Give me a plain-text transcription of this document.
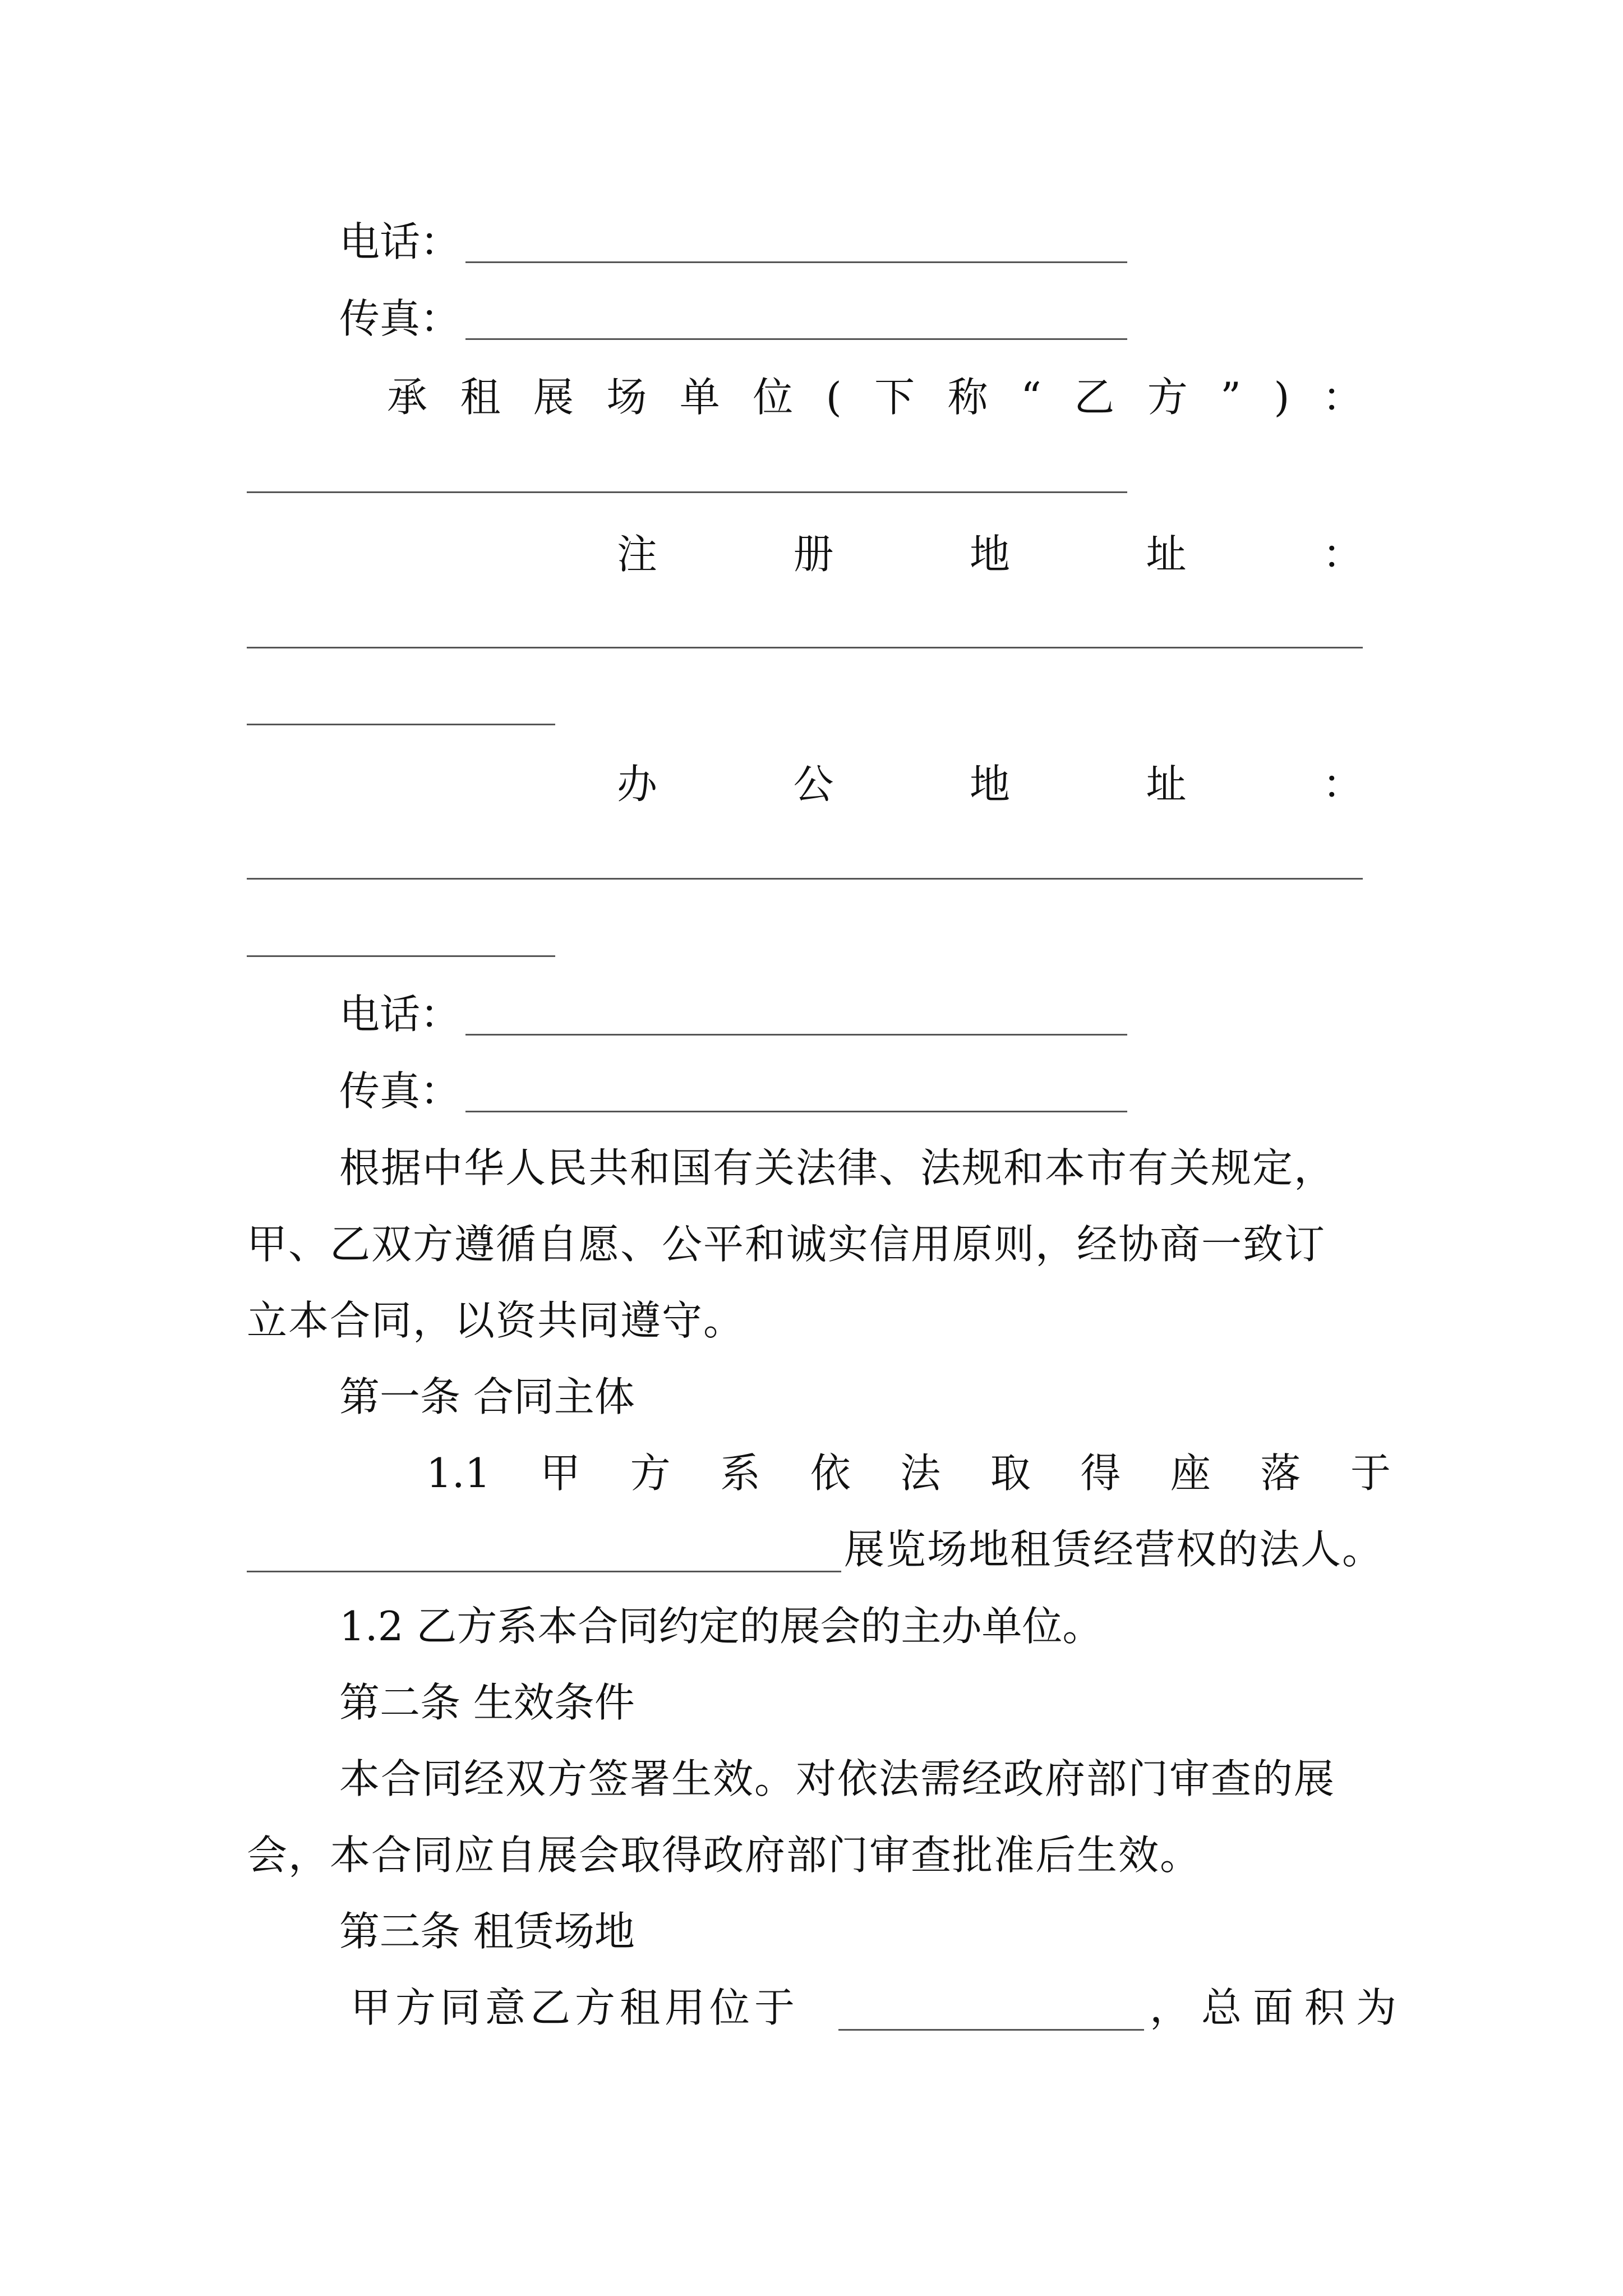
电话：
传真：
承 租 展 场 单 位 ( 下 称 “ 乙 方 ” ) ：
注	册	地	址	：
办	公	地	址	：
电话：
传真：
根据中华人民共和国有关法律、法规和本市有关规定，
甲、乙双方遵循自愿、公平和诚实信用原则，经协商一致订
立本合同，以资共同遵守。
第一条 合同主体
1.1 甲 方 系 依 法 取 得 座 落 于
展览场地租赁经营权的法人。
1.2 乙方系本合同约定的展会的主办单位。
第二条 生效条件
本合同经双方签署生效。对依法需经政府部门审查的展
会，本合同应自展会取得政府部门审查批准后生效。
第三条 租赁场地
甲方同意乙方租用位于	，总面积为
